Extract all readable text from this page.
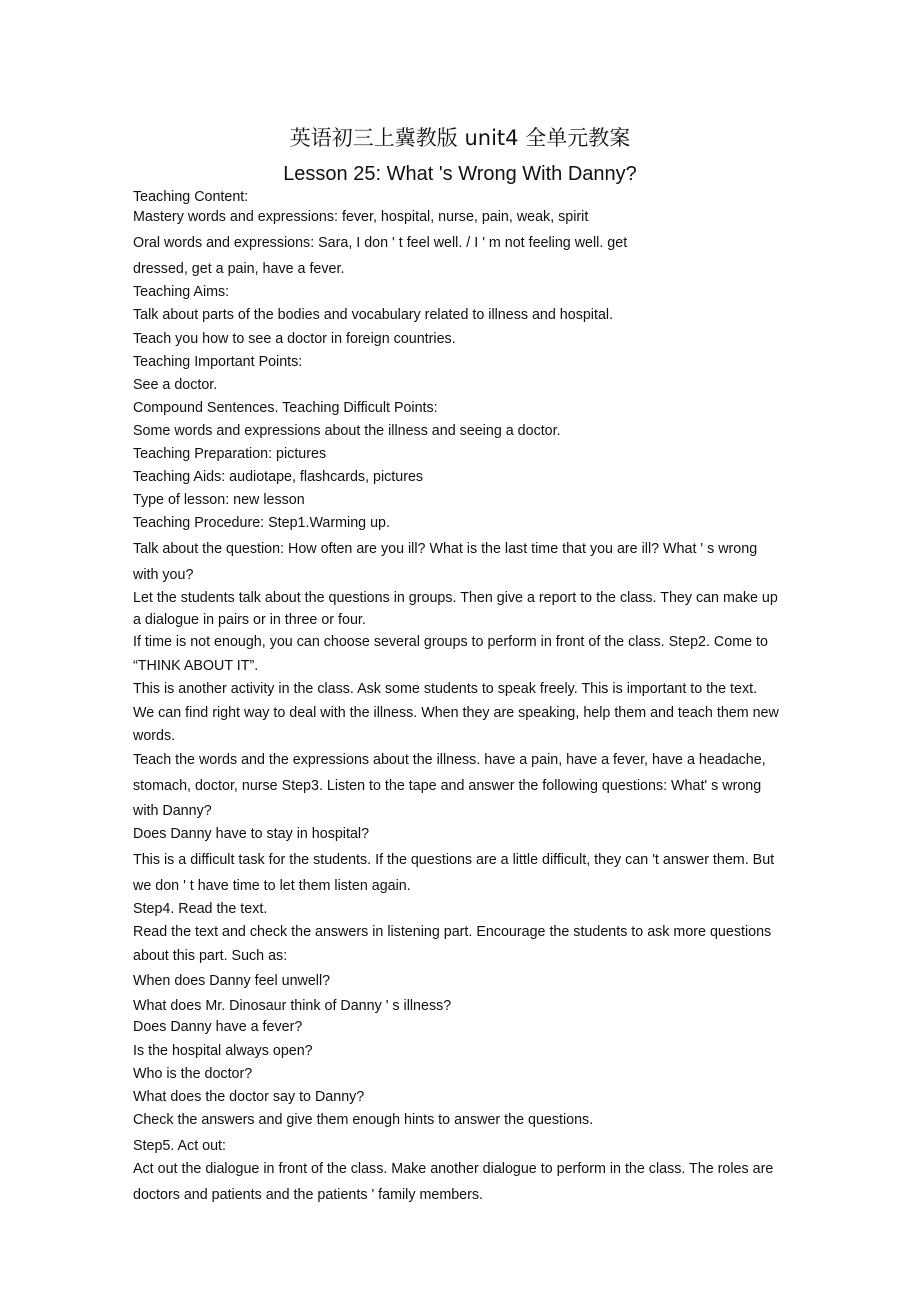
英语初三上冀教版 unit4 全单元教案
Lesson 25: What 's Wrong With Danny?
Teaching Content:
Mastery words and expressions: fever, hospital, nurse, pain, weak, spirit
Oral words and expressions: Sara, I don ' t feel well. / I ' m not feeling well. get
dressed, get a pain, have a fever.
Teaching Aims:
Talk about parts of the bodies and vocabulary related to illness and hospital.
Teach you how to see a doctor in foreign countries.
Teaching Important Points:
See a doctor.
Compound Sentences. Teaching Difficult Points:
Some words and expressions about the illness and seeing a doctor.
Teaching Preparation: pictures
Teaching Aids: audiotape, flashcards, pictures
Type of lesson: new lesson
Teaching Procedure: Step1.Warming up.
Talk about the question: How often are you ill? What is the last time that you are ill? What ' s wrong
with you?
Let the students talk about the questions in groups. Then give a report to the class. They can make up
a dialogue in pairs or in three or four.
If time is not enough, you can choose several groups to perform in front of the class. Step2. Come to
“THINK ABOUT IT”.
This is another activity in the class. Ask some students to speak freely. This is important to the text.
We can find right way to deal with the illness. When they are speaking, help them and teach them new
words.
Teach the words and the expressions about the illness. have a pain, have a fever, have a headache,
stomach, doctor, nurse Step3. Listen to the tape and answer the following questions: What' s wrong
with Danny?
Does Danny have to stay in hospital?
This is a difficult task for the students. If the questions are a little difficult, they can 't answer them. But
we don ' t have time to let them listen again.
Step4. Read the text.
Read the text and check the answers in listening part. Encourage the students to ask more questions
about this part. Such as:
When does Danny feel unwell?
What does Mr. Dinosaur think of Danny ' s illness?
Does Danny have a fever?
Is the hospital always open?
Who is the doctor?
What does the doctor say to Danny?
Check the answers and give them enough hints to answer the questions.
Step5. Act out:
Act out the dialogue in front of the class. Make another dialogue to perform in the class. The roles are
doctors and patients and the patients ' family members.
